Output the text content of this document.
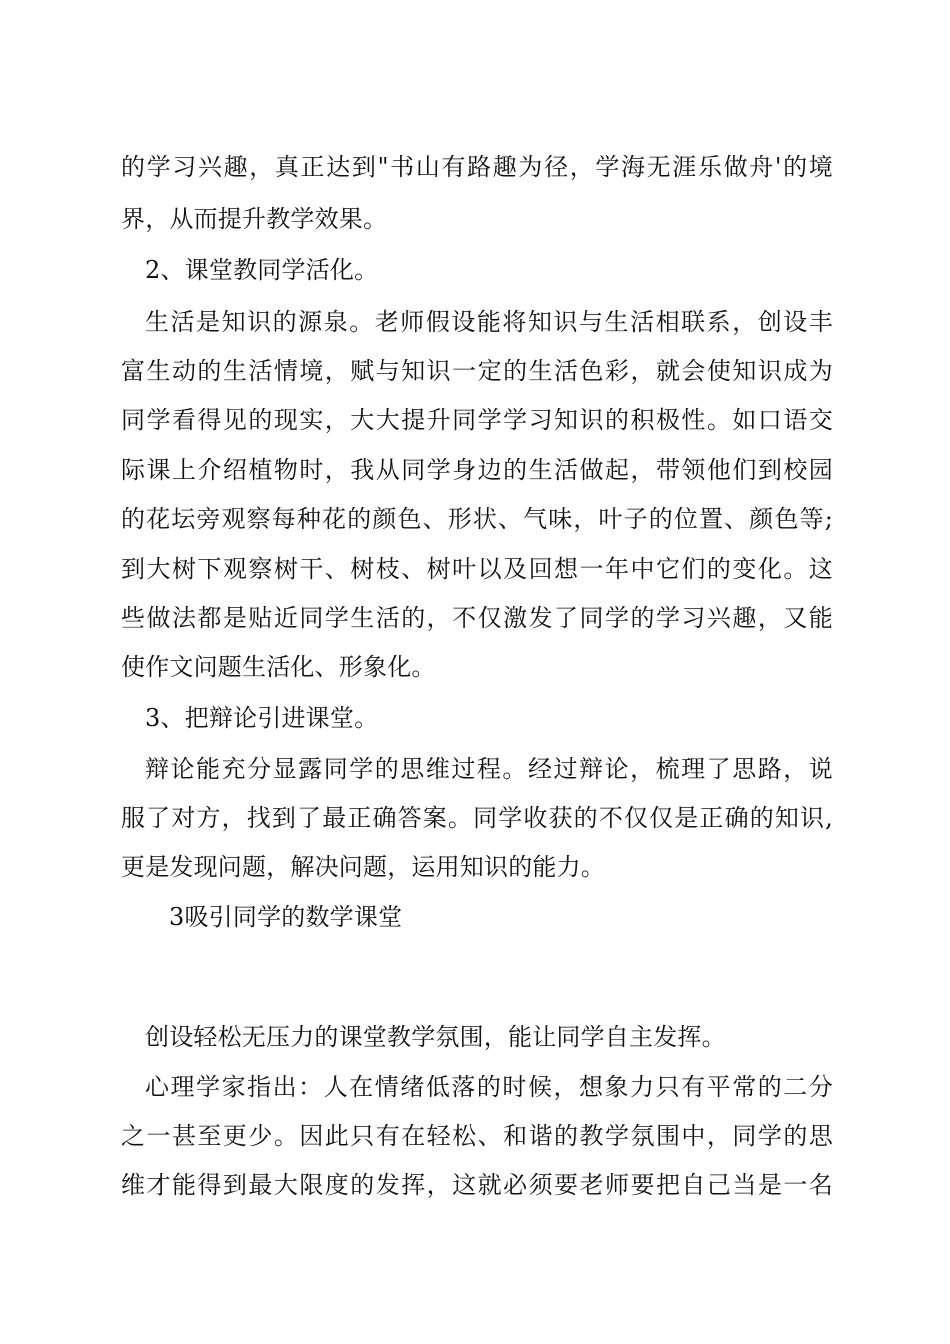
的学习兴趣，真正达到"书山有路趣为径，学海无涯乐做舟'的境
界，从而提升教学效果。
2、课堂教同学活化。
生活是知识的源泉。老师假设能将知识与生活相联系，创设丰
富生动的生活情境，赋与知识一定的生活色彩，就会使知识成为
同学看得见的现实，大大提升同学学习知识的积极性。如口语交
际课上介绍植物时，我从同学身边的生活做起，带领他们到校园
的花坛旁观察每种花的颜色、形状、气味，叶子的位置、颜色等;
到大树下观察树干、树枝、树叶以及回想一年中它们的变化。这
些做法都是贴近同学生活的，不仅激发了同学的学习兴趣，又能
使作文问题生活化、形象化。
3、把辩论引进课堂。
辩论能充分显露同学的思维过程。经过辩论，梳理了思路，说
服了对方，找到了最正确答案。同学收获的不仅仅是正确的知识,
更是发现问题，解决问题，运用知识的能力。
3吸引同学的数学课堂
创设轻松无压力的课堂教学氛围，能让同学自主发挥。
心理学家指出：人在情绪低落的时候，想象力只有平常的二分
之一甚至更少。因此只有在轻松、和谐的教学氛围中，同学的思
维才能得到最大限度的发挥，这就必须要老师要把自己当是一名
